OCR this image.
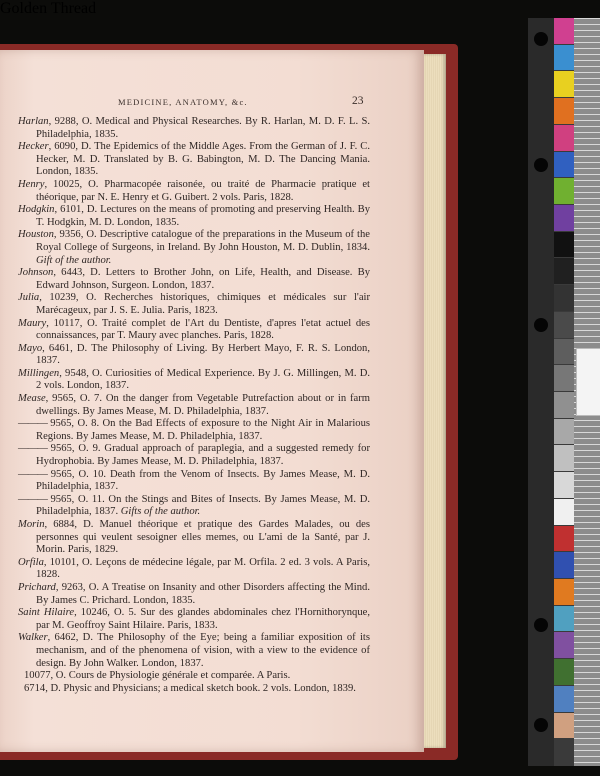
MEDICINE, ANATOMY, &c.	23
Harlan, 9288, O. Medical and Physical Researches. By R. Harlan, M. D. F. L. S. Philadelphia, 1835.
Hecker, 6090, D. The Epidemics of the Middle Ages. From the German of J. F. C. Hecker, M. D. Translated by B. G. Babington, M. D. The Dancing Mania. London, 1835.
Henry, 10025, O. Pharmacopée raisonée, ou traité de Pharmacie pratique et théorique, par N. E. Henry et G. Guibert. 2 vols. Paris, 1828.
Hodgkin, 6101, D. Lectures on the means of promoting and preserving Health. By T. Hodgkin, M. D. London, 1835.
Houston, 9356, O. Descriptive catalogue of the preparations in the Museum of the Royal College of Surgeons, in Ireland. By John Houston, M. D. Dublin, 1834. Gift of the author.
Johnson, 6443, D. Letters to Brother John, on Life, Health, and Disease. By Edward Johnson, Surgeon. London, 1837.
Julia, 10239, O. Recherches historiques, chimiques et médicales sur l'air Marécageux, par J. S. E. Julia. Paris, 1823.
Maury, 10117, O. Traité complet de l'Art du Dentiste, d'apres l'etat actuel des connaissances, par T. Maury avec planches. Paris, 1828.
Mayo, 6461, D. The Philosophy of Living. By Herbert Mayo, F. R. S. London, 1837.
Millingen, 9548, O. Curiosities of Medical Experience. By J. G. Millingen, M. D. 2 vols. London, 1837.
Mease, 9565, O. 7. On the danger from Vegetable Putrefaction about or in farm dwellings. By James Mease, M. D. Philadelphia, 1837.
——— 9565, O. 8. On the Bad Effects of exposure to the Night Air in Malarious Regions. By James Mease, M. D. Philadelphia, 1837.
——— 9565, O. 9. Gradual approach of paraplegia, and a suggested remedy for Hydrophobia. By James Mease, M. D. Philadelphia, 1837.
——— 9565, O. 10. Death from the Venom of Insects. By James Mease, M. D. Philadelphia, 1837.
——— 9565, O. 11. On the Stings and Bites of Insects. By James Mease, M. D. Philadelphia, 1837. Gifts of the author.
Morin, 6884, D. Manuel théorique et pratique des Gardes Malades, ou des personnes qui veulent sesoigner elles memes, ou L'ami de la Santé, par J. Morin. Paris, 1829.
Orfila, 10101, O. Leçons de médecine légale, par M. Orfila. 2 ed. 3 vols. A Paris, 1828.
Prichard, 9263, O. A Treatise on Insanity and other Disorders affecting the Mind. By James C. Prichard. London, 1835.
Saint Hilaire, 10246, O. 5. Sur des glandes abdominales chez l'Hornithorynque, par M. Geoffroy Saint Hilaire. Paris, 1833.
Walker, 6462, D. The Philosophy of the Eye; being a familiar exposition of its mechanism, and of the phenomena of vision, with a view to the evidence of design. By John Walker. London, 1837.
10077, O. Cours de Physiologie générale et comparée. A Paris.
6714, D. Physic and Physicians; a medical sketch book. 2 vols. London, 1839.
Golden Thread
